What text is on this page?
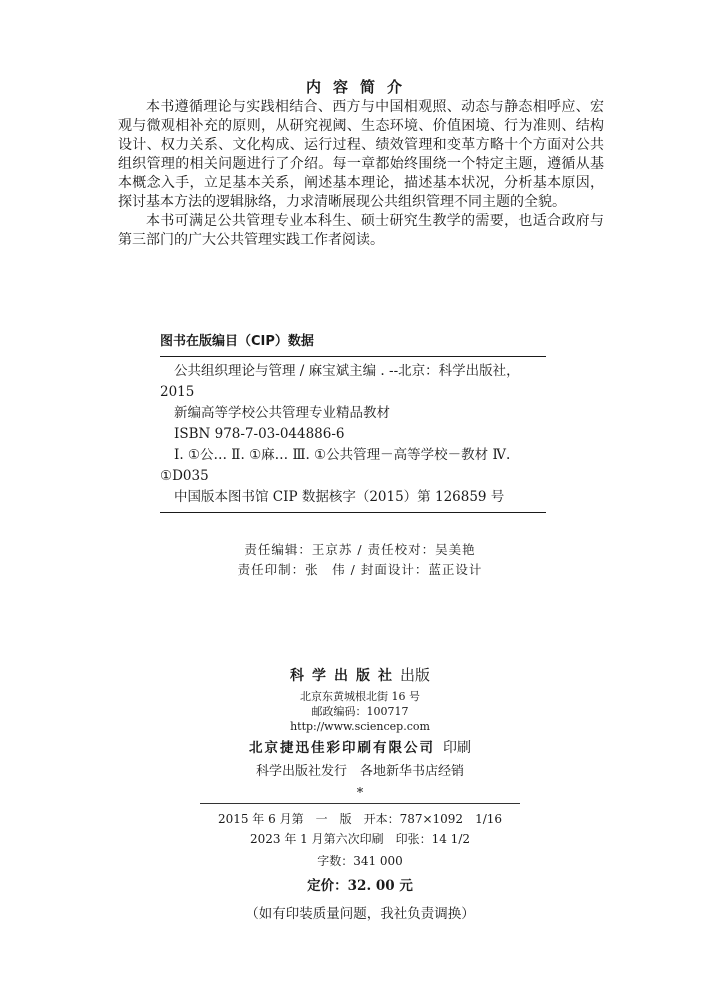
内容简介

本书遵循理论与实践相结合、西方与中国相观照、动态与静态相呼应、宏观与微观相补充的原则，从研究视阈、生态环境、价值困境、行为准则、结构设计、权力关系、文化构成、运行过程、绩效管理和变革方略十个方面对公共组织管理的相关问题进行了介绍。每一章都始终围绕一个特定主题，遵循从基本概念入手，立足基本关系，阐述基本理论，描述基本状况，分析基本原因，探讨基本方法的逻辑脉络，力求清晰展现公共组织管理不同主题的全貌。

本书可满足公共管理专业本科生、硕士研究生教学的需要，也适合政府与第三部门的广大公共管理实践工作者阅读。

图书在版编目（CIP）数据
公共组织理论与管理 / 麻宝斌主编 . --北京：科学出版社，
2015
新编高等学校公共管理专业精品教材
ISBN 978-7-03-044886-6
Ⅰ. ①公… Ⅱ. ①麻… Ⅲ. ①公共管理－高等学校－教材 Ⅳ.
①D035
中国版本图书馆 CIP 数据核字（2015）第 126859 号
责任编辑：王京苏 / 责任校对：吴美艳
责任印制：张　伟 / 封面设计：蓝正设计
科学出版社出版
北京东黄城根北街 16 号
邮政编码：100717
http://www.sciencep.com
北京捷迅佳彩印刷有限公司 印刷
科学出版社发行　各地新华书店经销
*
2015 年 6 月第　一　版　开本：787×1092　1/16
2023 年 1 月第六次印刷　印张：14 1/2
字数：341 000
定价：32. 00 元
（如有印装质量问题，我社负责调换）
